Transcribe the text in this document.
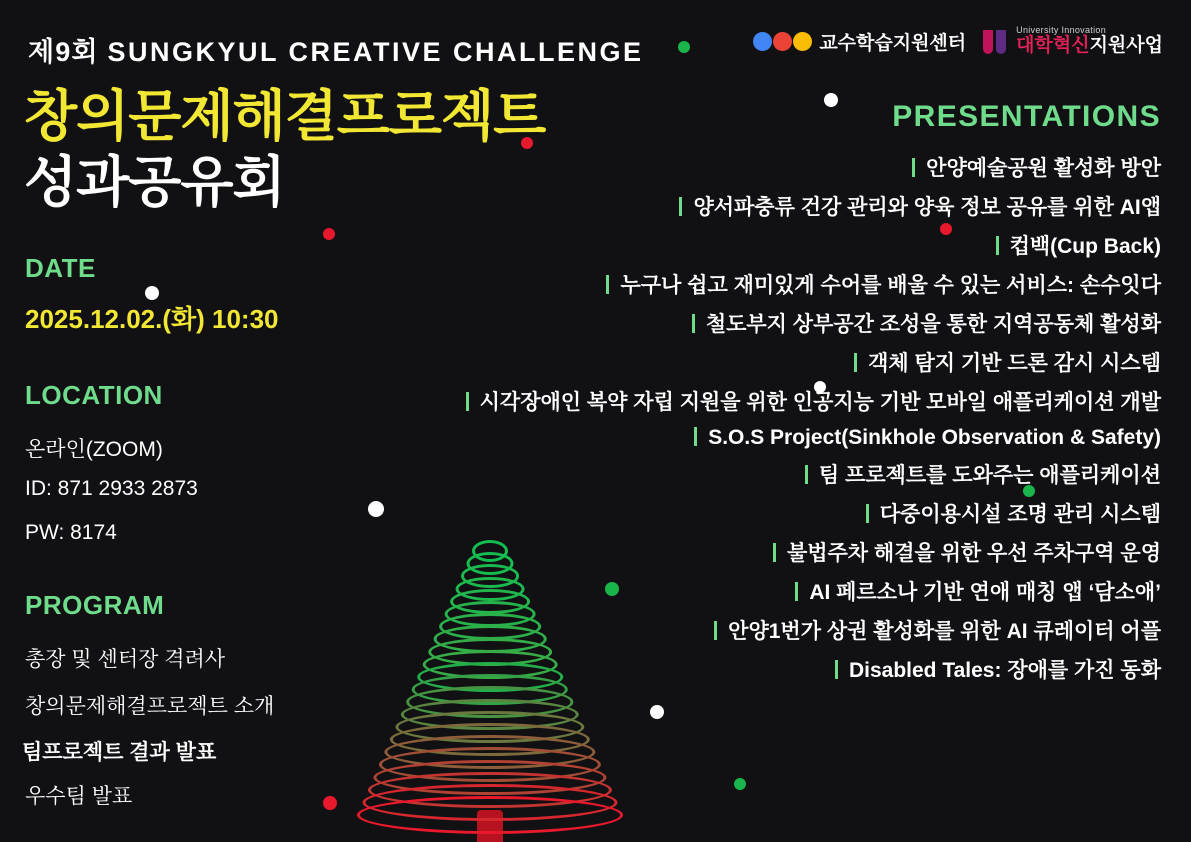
제9회 SUNGKYUL CREATIVE CHALLENGE
창의문제해결프로젝트
성과공유회
교수학습지원센터
University Innovation
대학혁신지원사업
DATE
2025.12.02.(화) 10:30
LOCATION
온라인(ZOOM)
ID: 871 2933 2873
PW: 8174
PROGRAM
총장 및 센터장 격려사
창의문제해결프로젝트 소개
팀프로젝트 결과 발표
우수팀 발표
PRESENTATIONS
안양예술공원 활성화 방안
양서파충류 건강 관리와 양육 정보 공유를 위한 AI앱
컵백(Cup Back)
누구나 쉽고 재미있게 수어를 배울 수 있는 서비스: 손수잇다
철도부지 상부공간 조성을 통한 지역공동체 활성화
객체 탐지 기반 드론 감시 시스템
시각장애인 복약 자립 지원을 위한 인공지능 기반 모바일 애플리케이션 개발
S.O.S Project(Sinkhole Observation & Safety)
팀 프로젝트를 도와주는 애플리케이션
다중이용시설 조명 관리 시스템
불법주차 해결을 위한 우선 주차구역 운영
AI 페르소나 기반 연애 매칭 앱 ‘담소애’
안양1번가 상권 활성화를 위한 AI 큐레이터 어플
Disabled Tales: 장애를 가진 동화
